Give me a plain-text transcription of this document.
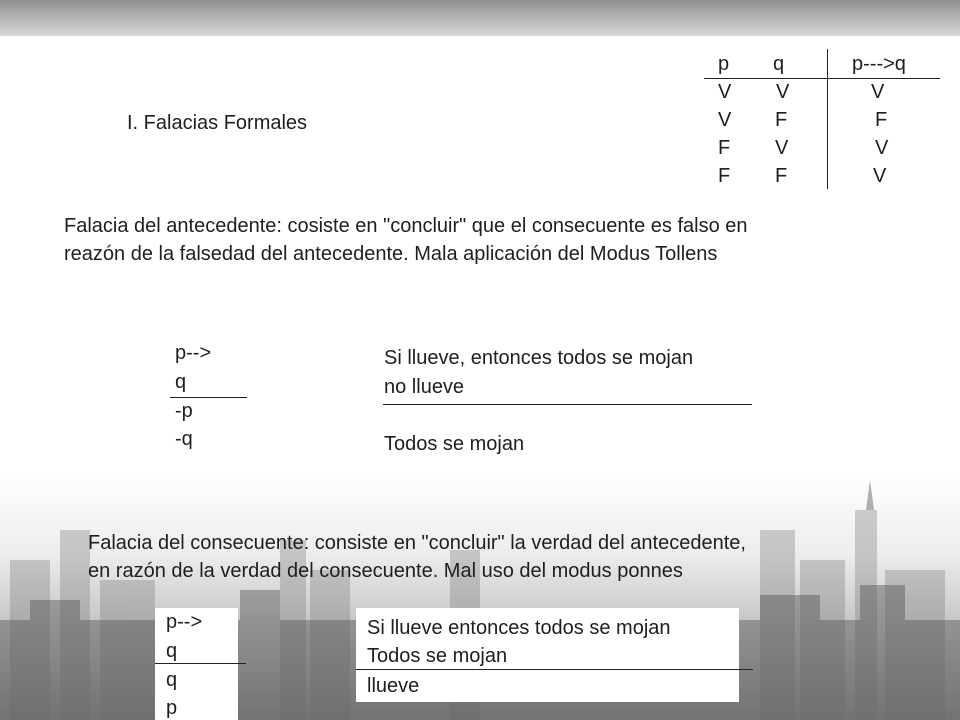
I. Falacias Formales
p q	p--->q
V V	V
V F	F
F V	V
F F	V
Falacia del antecedente: cosiste en "concluir" que el consecuente es falso en
reazón de la falsedad del antecedente. Mala aplicación del Modus Tollens
p-->
q
-p
-q
Si llueve, entonces todos se mojan
no llueve
Todos se mojan
Falacia del consecuente: consiste en "concluir" la verdad del antecedente,
en razón de la verdad del consecuente. Mal uso del modus ponnes
p-->
q
q
p
Si llueve entonces todos se mojan
Todos se mojan
llueve
